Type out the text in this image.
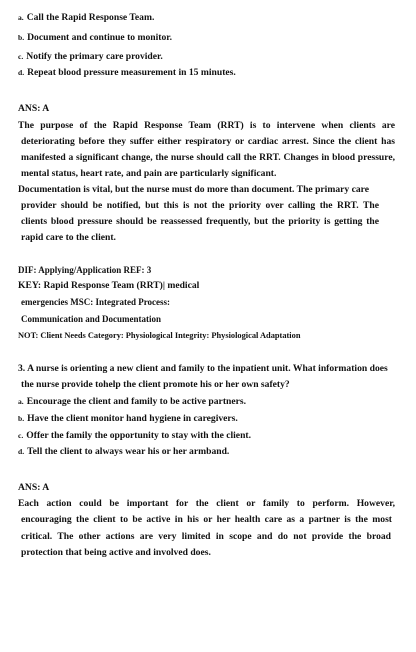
a. Call the Rapid Response Team.
b. Document and continue to monitor.
c. Notify the primary care provider.
d. Repeat blood pressure measurement in 15 minutes.
ANS: A
The purpose of the Rapid Response Team (RRT) is to intervene when clients are
deteriorating before they suffer either respiratory or cardiac arrest. Since the client has
manifested a significant change, the nurse should call the RRT. Changes in blood pressure,
mental status, heart rate, and pain are particularly significant.
Documentation is vital, but the nurse must do more than document. The primary care
provider should be notified, but this is not the priority over calling the RRT. The
clients blood pressure should be reassessed frequently, but the priority is getting the
rapid care to the client.
DIF: Applying/Application REF: 3
KEY: Rapid Response Team (RRT)| medical
emergencies MSC: Integrated Process:
Communication and Documentation
NOT: Client Needs Category: Physiological Integrity: Physiological Adaptation
3. A nurse is orienting a new client and family to the inpatient unit. What information does
the nurse provide tohelp the client promote his or her own safety?
a. Encourage the client and family to be active partners.
b. Have the client monitor hand hygiene in caregivers.
c. Offer the family the opportunity to stay with the client.
d. Tell the client to always wear his or her armband.
ANS: A
Each action could be important for the client or family to perform. However,
encouraging the client to be active in his or her health care as a partner is the most
critical. The other actions are very limited in scope and do not provide the broad
protection that being active and involved does.
